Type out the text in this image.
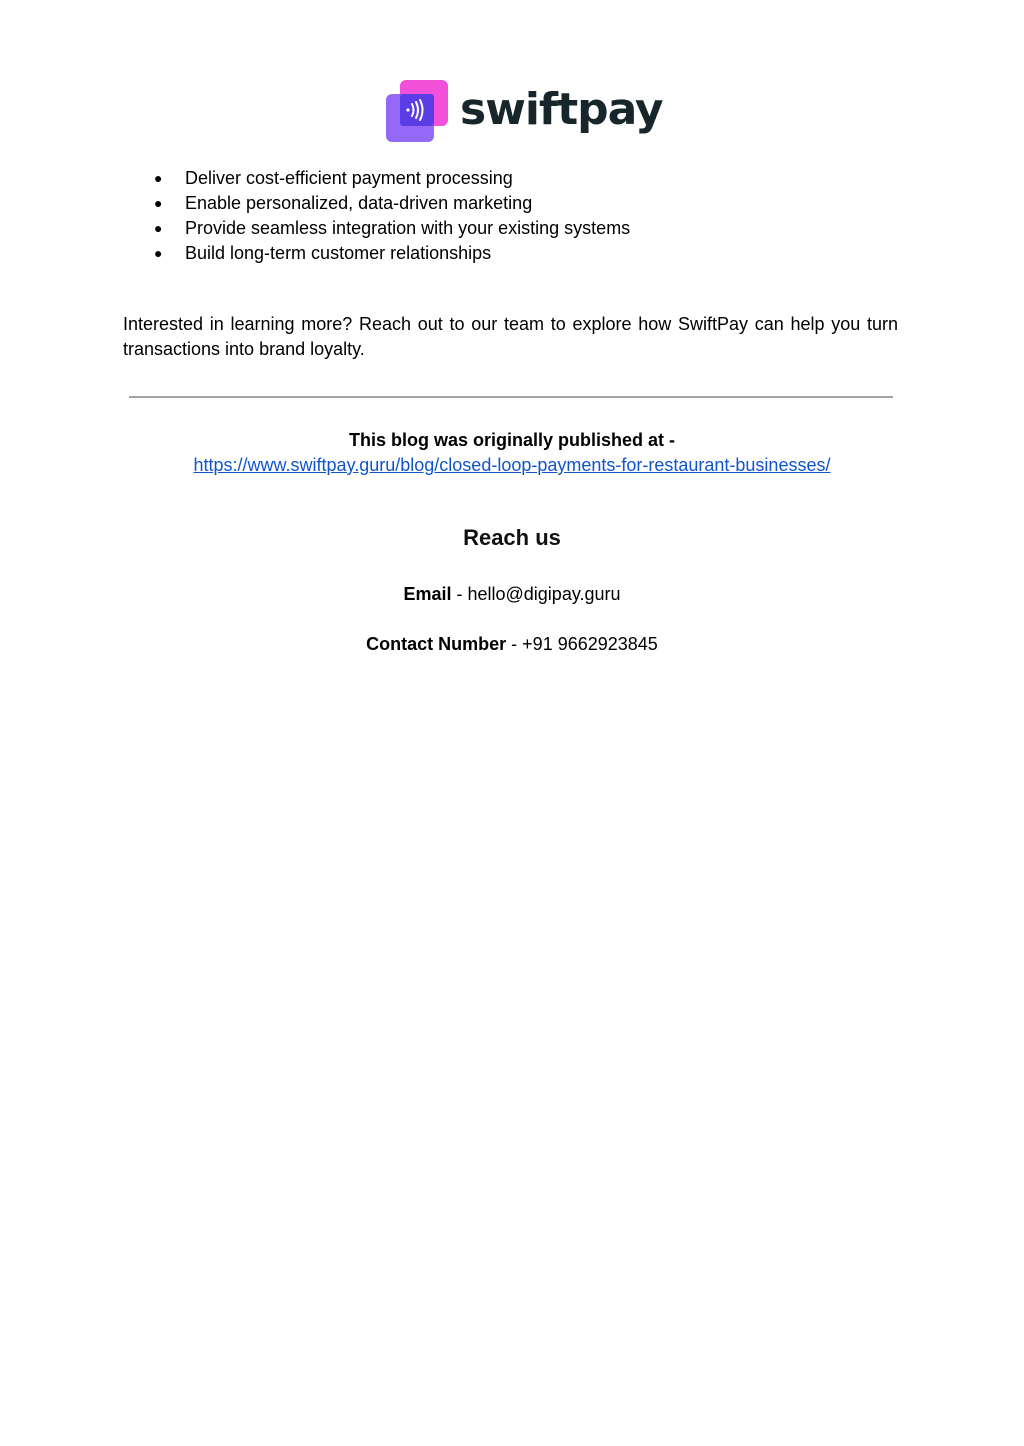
swiftpay
● Deliver cost-efficient payment processing
● Enable personalized, data-driven marketing
● Provide seamless integration with your existing systems
● Build long-term customer relationships

Interested in learning more? Reach out to our team to explore how SwiftPay can help you turn transactions into brand loyalty.

This blog was originally published at -

https://www.swiftpay.guru/blog/closed-loop-payments-for-restaurant-businesses/
Reach us

Email - hello@digipay.guru

Contact Number - +91 9662923845
